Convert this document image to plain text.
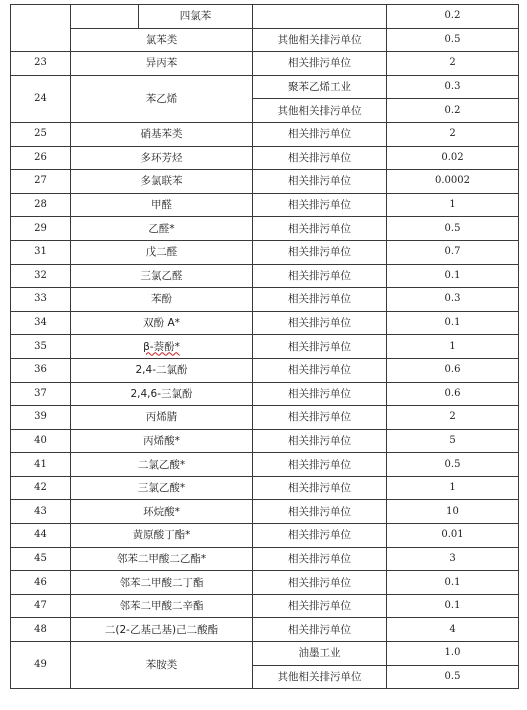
		四氯苯		0.2
	氯苯类		其他相关排污单位	0.5
23	异丙苯		相关排污单位	2
24	苯乙烯		聚苯乙烯工业	0.3
			其他相关排污单位	0.2
25	硝基苯类		相关排污单位	2
26	多环芳烃		相关排污单位	0.02
27	多氯联苯		相关排污单位	0.0002
28	甲醛		相关排污单位	1
29	乙醛*		相关排污单位	0.5
31	戊二醛		相关排污单位	0.7
32	三氯乙醛		相关排污单位	0.1
33	苯酚		相关排污单位	0.3
34	双酚 A*		相关排污单位	0.1
35	β-萘酚*		相关排污单位	1
36	2,4-二氯酚		相关排污单位	0.6
37	2,4,6-三氯酚		相关排污单位	0.6
39	丙烯腈		相关排污单位	2
40	丙烯酸*		相关排污单位	5
41	二氯乙酸*		相关排污单位	0.5
42	三氯乙酸*		相关排污单位	1
43	环烷酸*		相关排污单位	10
44	黄原酸丁酯*		相关排污单位	0.01
45	邻苯二甲酸二乙酯*		相关排污单位	3
46	邻苯二甲酸二丁酯		相关排污单位	0.1
47	邻苯二甲酸二辛酯		相关排污单位	0.1
48	二(2-乙基己基)己二酸酯		相关排污单位	4
49	苯胺类		油墨工业	1.0
			其他相关排污单位	0.5
